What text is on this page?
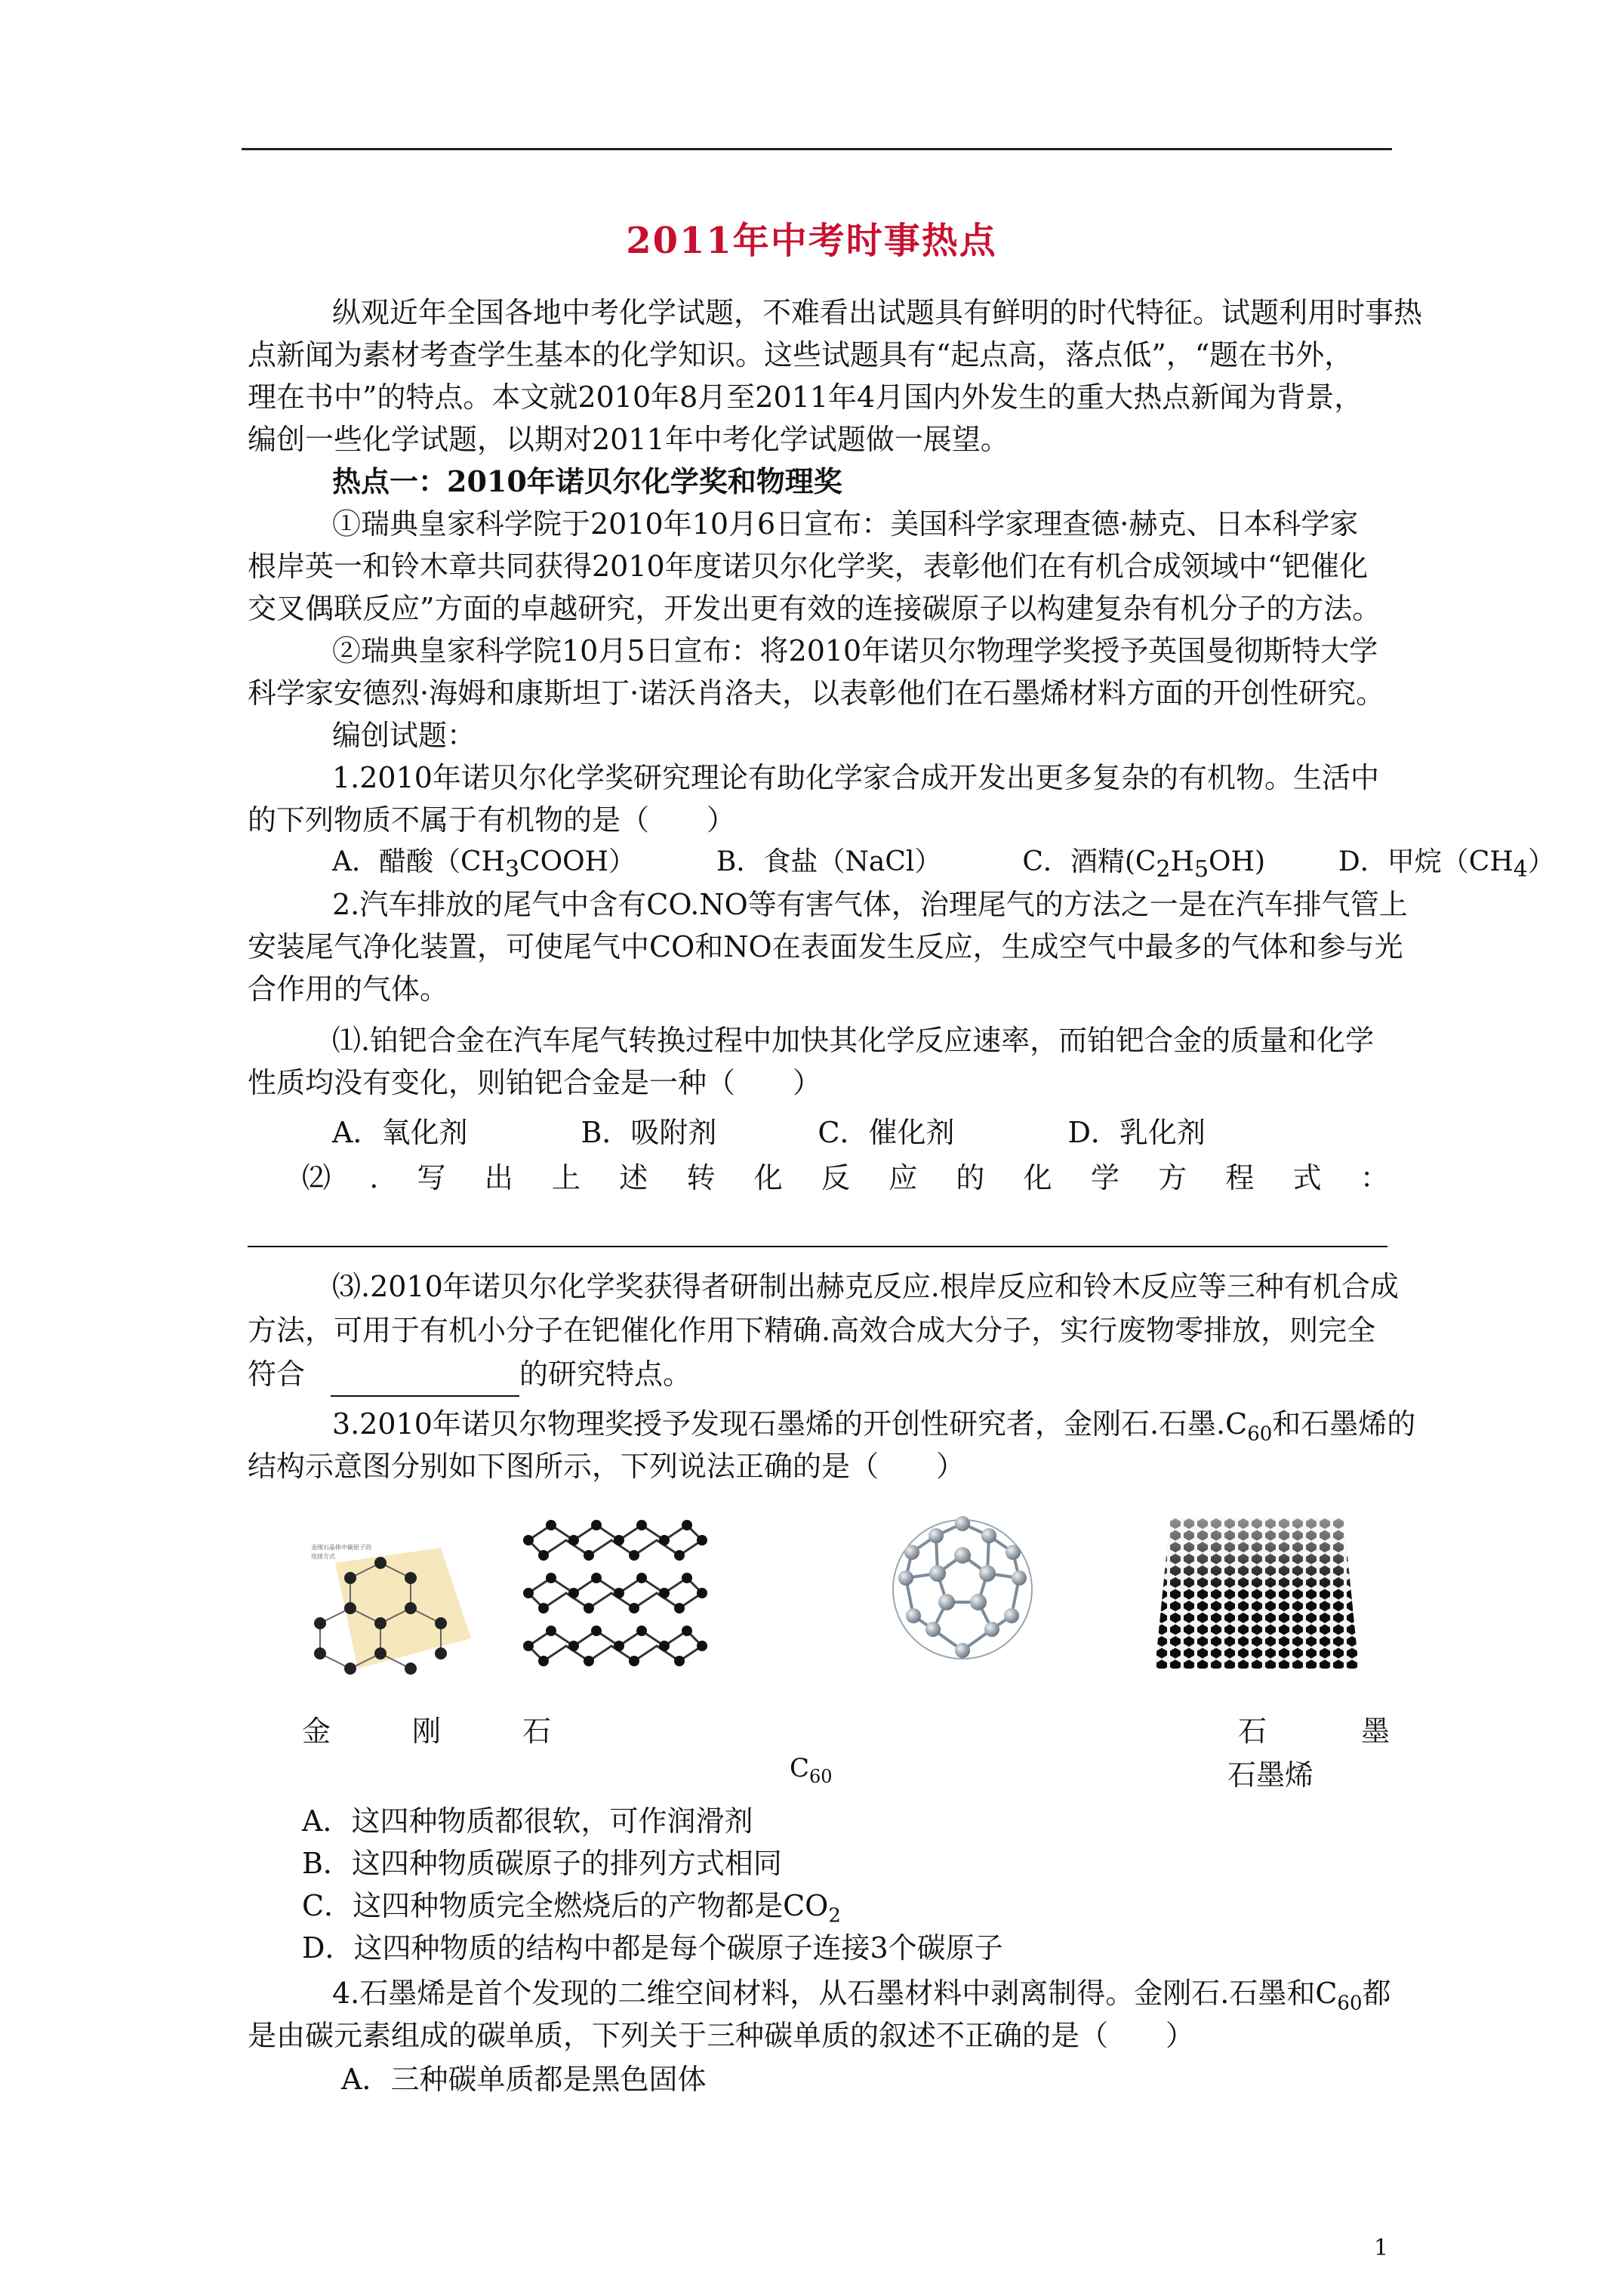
2011年中考时事热点
纵观近年全国各地中考化学试题，不难看出试题具有鲜明的时代特征。试题利用时事热
点新闻为素材考查学生基本的化学知识。这些试题具有“起点高，落点低”，“题在书外，
理在书中”的特点。本文就2010年8月至2011年4月国内外发生的重大热点新闻为背景，
编创一些化学试题，以期对2011年中考化学试题做一展望。
热点一：2010年诺贝尔化学奖和物理奖
①瑞典皇家科学院于2010年10月6日宣布：美国科学家理查德·赫克、日本科学家
根岸英一和铃木章共同获得2010年度诺贝尔化学奖，表彰他们在有机合成领域中“钯催化
交叉偶联反应”方面的卓越研究，开发出更有效的连接碳原子以构建复杂有机分子的方法。
②瑞典皇家科学院10月5日宣布：将2010年诺贝尔物理学奖授予英国曼彻斯特大学
科学家安德烈·海姆和康斯坦丁·诺沃肖洛夫，以表彰他们在石墨烯材料方面的开创性研究。
编创试题：
1.2010年诺贝尔化学奖研究理论有助化学家合成开发出更多复杂的有机物。生活中
的下列物质不属于有机物的是（　　）
A．醋酸$(CH_3COOH)$	B．食盐（NaCl）	C．酒精$(C_2H_5OH)$	D．甲烷$(CH_4)$
2.汽车排放的尾气中含有CO.NO等有害气体，治理尾气的方法之一是在汽车排气管上
安装尾气净化装置，可使尾气中CO和NO在表面发生反应，生成空气中最多的气体和参与光
合作用的气体。
⑴.铂钯合金在汽车尾气转换过程中加快其化学反应速率，而铂钯合金的质量和化学
性质均没有变化，则铂钯合金是一种（　　）
A．氧化剂	B．吸附剂	C．催化剂	D．乳化剂
⑵ . 写 出 上 述 转 化 反 应 的 化 学 方 程 式 ：
⑶.2010年诺贝尔化学奖获得者研制出赫克反应.根岸反应和铃木反应等三种有机合成
方法，可用于有机小分子在钯催化作用下精确.高效合成大分子，实行废物零排放，则完全
符合	的研究特点。
3.2010年诺贝尔物理奖授予发现石墨烯的开创性研究者，金刚石.石墨$.C_{60}$和石墨烯的
结构示意图分别如下图所示，下列说法正确的是（　　）
金刚石晶体中碳原子的
连接方式
金	刚	石	石	墨
$C_{60}$	石墨烯
A．这四种物质都很软，可作润滑剂
B．这四种物质碳原子的排列方式相同
C．这四种物质完全燃烧后的产物都是$CO_2$
D．这四种物质的结构中都是每个碳原子连接3个碳原子
4.石墨烯是首个发现的二维空间材料，从石墨材料中剥离制得。金刚石.石墨和$C_{60}$都
是由碳元素组成的碳单质，下列关于三种碳单质的叙述不正确的是（　　）
A．三种碳单质都是黑色固体
1
